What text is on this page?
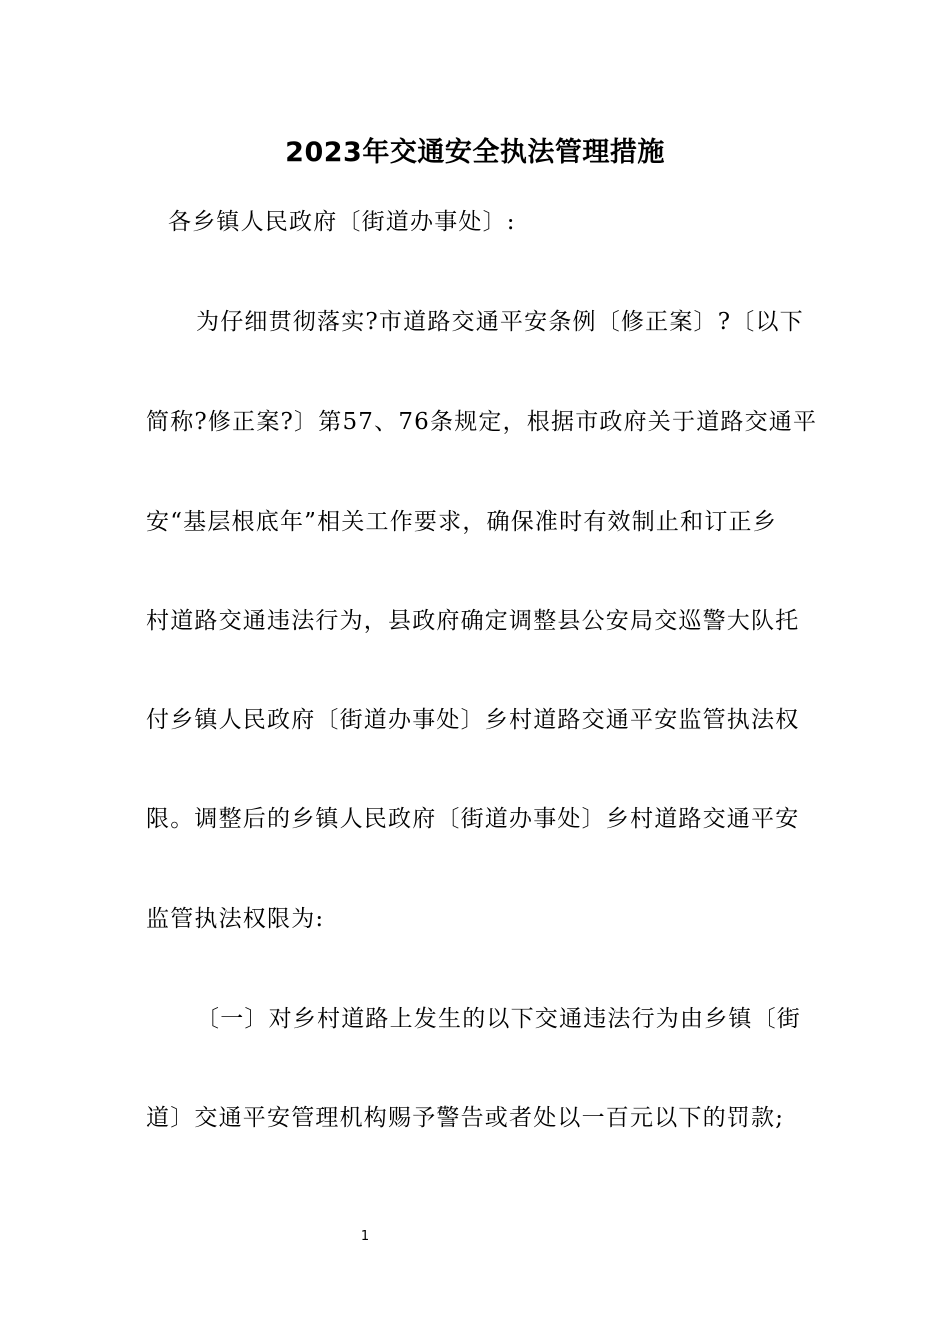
2023年交通安全执法管理措施
各乡镇人民政府〔街道办事处〕:
为仔细贯彻落实?市道路交通平安条例〔修正案〕?〔以下
简称?修正案?〕第57、76条规定，根据市政府关于道路交通平
安“基层根底年”相关工作要求，确保准时有效制止和订正乡
村道路交通违法行为，县政府确定调整县公安局交巡警大队托
付乡镇人民政府〔街道办事处〕乡村道路交通平安监管执法权
限。调整后的乡镇人民政府〔街道办事处〕乡村道路交通平安
监管执法权限为:
〔一〕对乡村道路上发生的以下交通违法行为由乡镇〔街
道〕交通平安管理机构赐予警告或者处以一百元以下的罚款;
1
